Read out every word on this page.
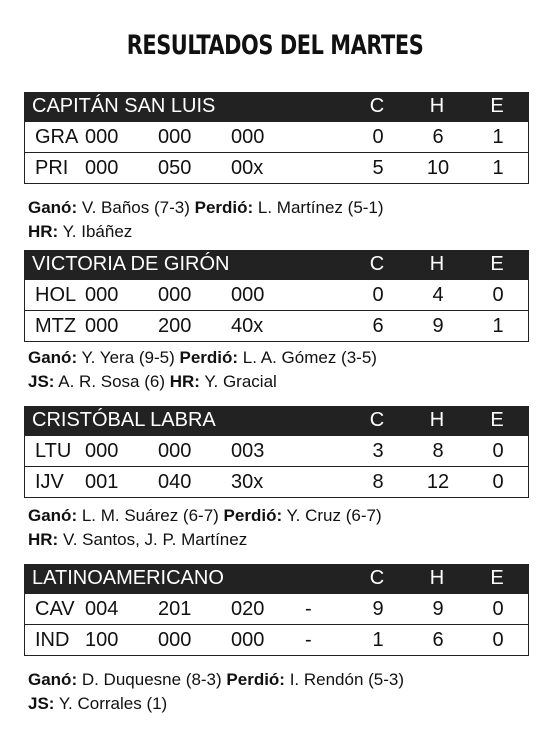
RESULTADOS DEL MARTES
CAPITÁN SAN LUIS	C	H	E
GRA 000 000 000	0	6	1
PRI 000 050 00x	5	10	1
Ganó: V. Baños (7-3) Perdió: L. Martínez (5-1)
HR: Y. Ibáñez
VICTORIA DE GIRÓN	C	H	E
HOL 000 000 000	0	4	0
MTZ 000 200 40x	6	9	1
Ganó: Y. Yera (9-5) Perdió: L. A. Gómez (3-5)
JS: A. R. Sosa (6) HR: Y. Gracial
CRISTÓBAL LABRA	C	H	E
LTU 000 000 003	3	8	0
IJV 001 040 30x	8	12	0
Ganó: L. M. Suárez (6-7) Perdió: Y. Cruz (6-7)
HR: V. Santos, J. P. Martínez
LATINOAMERICANO	C	H	E
CAV 004 201 020 -	9	9	0
IND 100 000 000 -	1	6	0
Ganó: D. Duquesne (8-3) Perdió: I. Rendón (5-3)
JS: Y. Corrales (1)
